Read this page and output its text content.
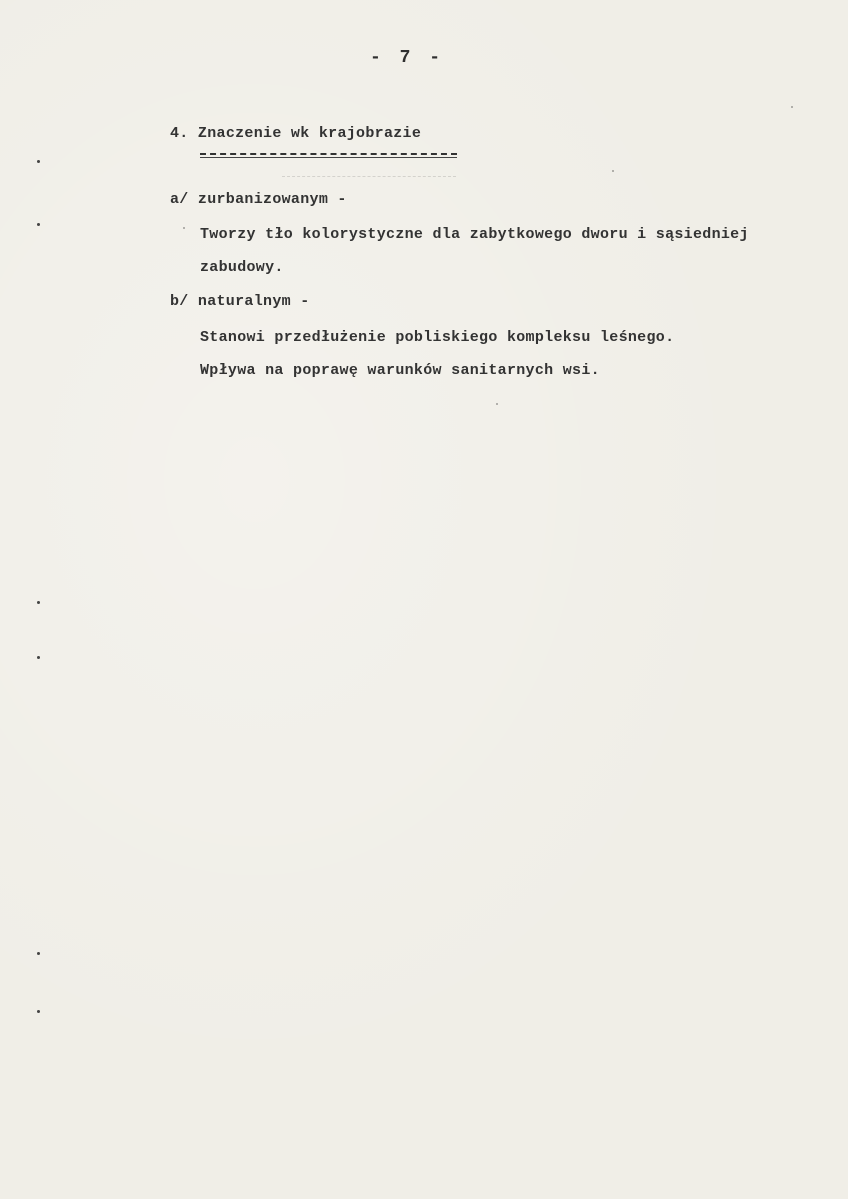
- 7 -
4. Znaczenie wk krajobrazie
a/ zurbanizowanym -
Tworzy tło kolorystyczne dla zabytkowego dworu i sąsiedniej
zabudowy.
b/ naturalnym -
Stanowi przedłużenie pobliskiego kompleksu leśnego.
Wpływa na poprawę warunków sanitarnych wsi.
